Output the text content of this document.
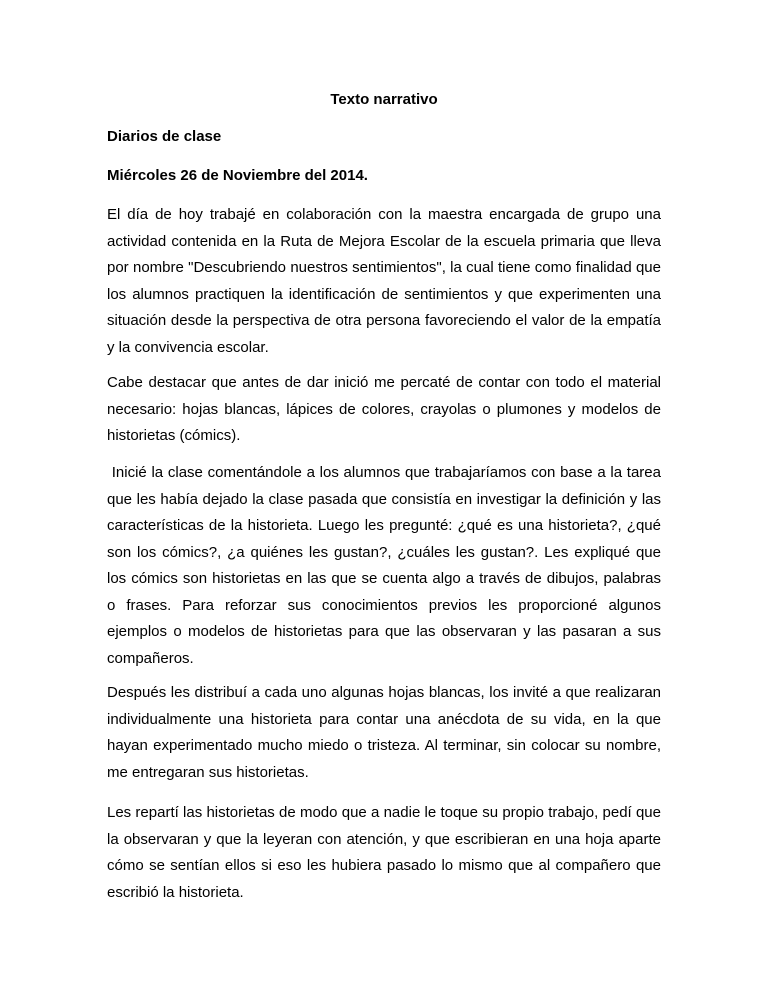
Texto narrativo

Diarios de clase

Miércoles 26 de Noviembre del 2014.

El día de hoy trabajé en colaboración con la maestra encargada de grupo una actividad contenida en la Ruta de Mejora Escolar de la escuela primaria que lleva por nombre "Descubriendo nuestros sentimientos", la cual tiene como finalidad que los alumnos practiquen la identificación de sentimientos y que experimenten una situación desde la perspectiva de otra persona favoreciendo el valor de la empatía y la convivencia escolar.

Cabe destacar que antes de dar inició me percaté de contar con todo el material necesario: hojas blancas, lápices de colores, crayolas o plumones y modelos de historietas (cómics).

Inicié la clase comentándole a los alumnos que trabajaríamos con base a la tarea que les había dejado la clase pasada que consistía en investigar la definición y las características de la historieta. Luego les pregunté: ¿qué es una historieta?, ¿qué son los cómics?, ¿a quiénes les gustan?, ¿cuáles les gustan?. Les expliqué que los cómics son historietas en las que se cuenta algo a través de dibujos, palabras o frases. Para reforzar sus conocimientos previos les proporcioné algunos ejemplos o modelos de historietas para que las observaran y las pasaran a sus compañeros.

Después les distribuí a cada uno algunas hojas blancas, los invité a que realizaran individualmente una historieta para contar una anécdota de su vida, en la que hayan experimentado mucho miedo o tristeza. Al terminar, sin colocar su nombre, me entregaran sus historietas.

Les repartí las historietas de modo que a nadie le toque su propio trabajo, pedí que la observaran y que la leyeran con atención, y que escribieran en una hoja aparte cómo se sentían ellos si eso les hubiera pasado lo mismo que al compañero que escribió la historieta.
